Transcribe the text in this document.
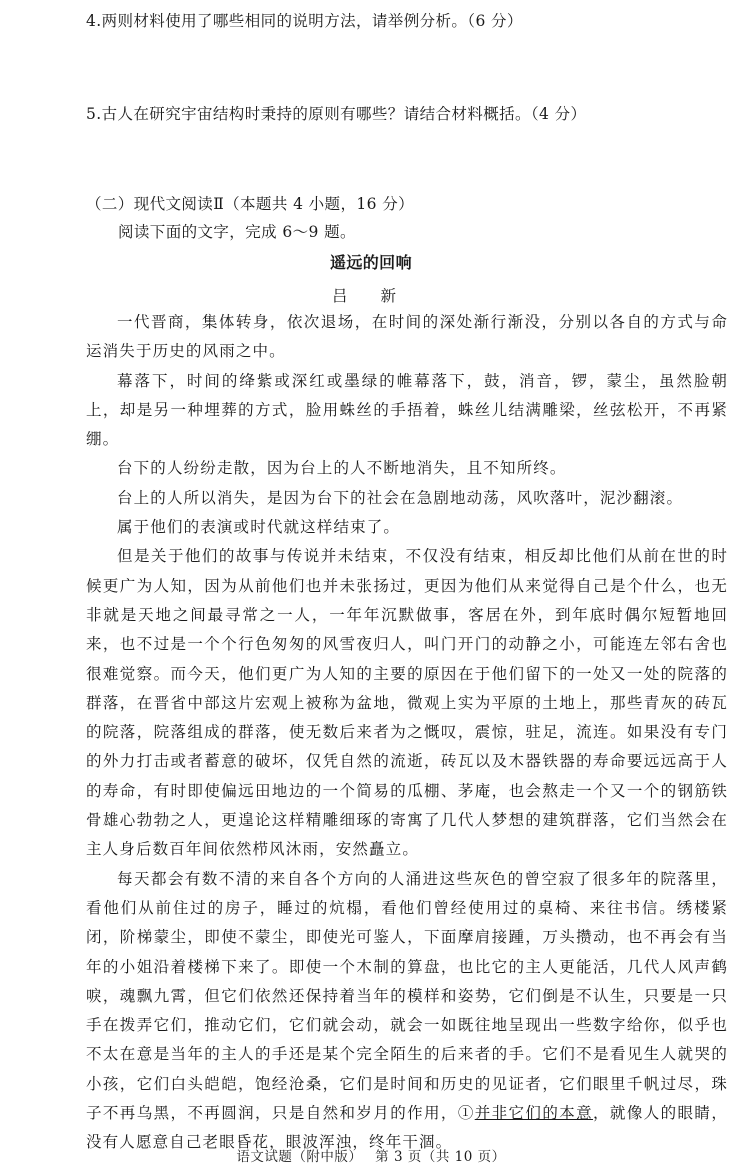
4.两则材料使用了哪些相同的说明方法，请举例分析。（6 分）
5.古人在研究宇宙结构时秉持的原则有哪些？请结合材料概括。（4 分）
（二）现代文阅读Ⅱ（本题共 4 小题，16 分）
阅读下面的文字，完成 6～9 题。
遥远的回响
吕 新

一代晋商，集体转身，依次退场，在时间的深处渐行渐没，分别以各自的方式与命运消失于历史的风雨之中。

幕落下，时间的绛紫或深红或墨绿的帷幕落下，鼓，消音，锣，蒙尘，虽然脸朝上，却是另一种埋葬的方式，脸用蛛丝的手捂着，蛛丝儿结满雕梁，丝弦松开，不再紧绷。

台下的人纷纷走散，因为台上的人不断地消失，且不知所终。

台上的人所以消失，是因为台下的社会在急剧地动荡，风吹落叶，泥沙翻滚。

属于他们的表演或时代就这样结束了。

但是关于他们的故事与传说并未结束，不仅没有结束，相反却比他们从前在世的时候更广为人知，因为从前他们也并未张扬过，更因为他们从来觉得自己是个什么，也无非就是天地之间最寻常之一人，一年年沉默做事，客居在外，到年底时偶尔短暂地回来，也不过是一个个行色匆匆的风雪夜归人，叫门开门的动静之小，可能连左邻右舍也很难觉察。而今天，他们更广为人知的主要的原因在于他们留下的一处又一处的院落的群落，在晋省中部这片宏观上被称为盆地，微观上实为平原的土地上，那些青灰的砖瓦的院落，院落组成的群落，使无数后来者为之慨叹，震惊，驻足，流连。如果没有专门的外力打击或者蓄意的破坏，仅凭自然的流逝，砖瓦以及木器铁器的寿命要远远高于人的寿命，有时即使偏远田地边的一个简易的瓜棚、茅庵，也会熬走一个又一个的钢筋铁骨雄心勃勃之人，更遑论这样精雕细琢的寄寓了几代人梦想的建筑群落，它们当然会在主人身后数百年间依然栉风沐雨，安然矗立。

每天都会有数不清的来自各个方向的人涌进这些灰色的曾空寂了很多年的院落里，看他们从前住过的房子，睡过的炕榻，看他们曾经使用过的桌椅、来往书信。绣楼紧闭，阶梯蒙尘，即使不蒙尘，即使光可鉴人，下面摩肩接踵，万头攒动，也不再会有当年的小姐沿着楼梯下来了。即使一个木制的算盘，也比它的主人更能活，几代人风声鹤唳，魂飘九霄，但它们依然还保持着当年的模样和姿势，它们倒是不认生，只要是一只手在拨弄它们，推动它们，它们就会动，就会一如既往地呈现出一些数字给你，似乎也不太在意是当年的主人的手还是某个完全陌生的后来者的手。它们不是看见生人就哭的小孩，它们白头皑皑，饱经沧桑，它们是时间和历史的见证者，它们眼里千帆过尽，珠子不再乌黑，不再圆润，只是自然和岁月的作用，①并非它们的本意，就像人的眼睛，没有人愿意自己老眼昏花，眼波浑浊，终年干涸。

语文试题（附中版） 第 3 页（共 10 页）
